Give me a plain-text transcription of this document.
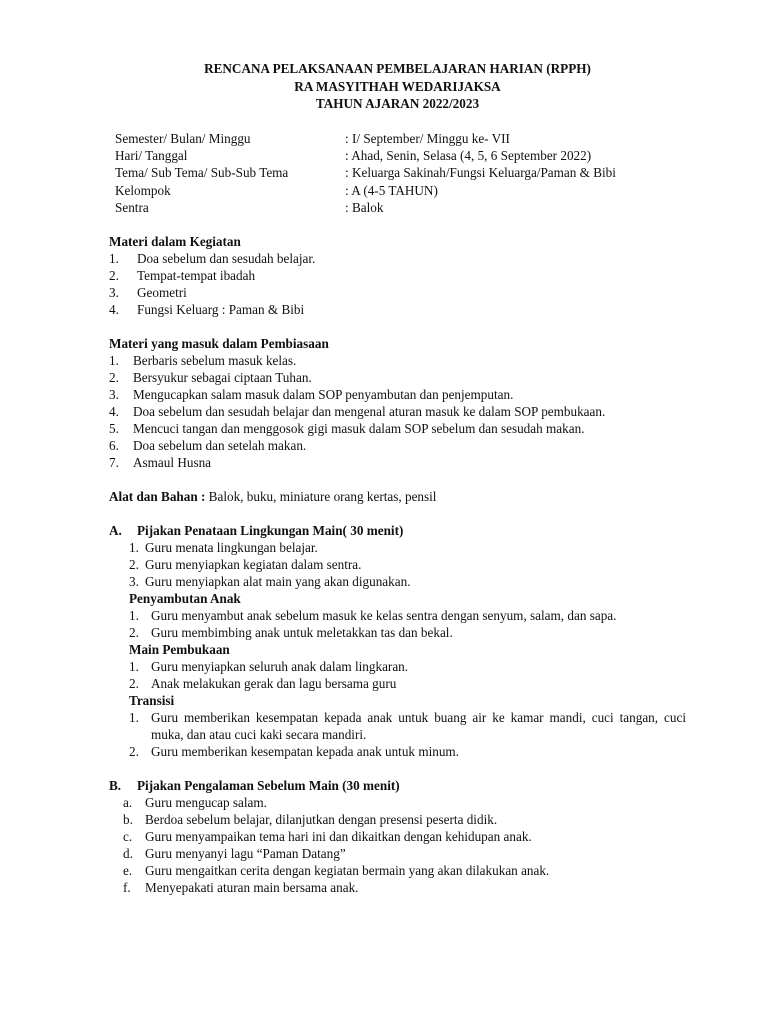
RENCANA PELAKSANAAN PEMBELAJARAN HARIAN (RPPH)
RA MASYITHAH WEDARIJAKSA
TAHUN AJARAN 2022/2023
Semester/ Bulan/ Minggu	: I/ September/ Minggu ke- VII
Hari/ Tanggal	: Ahad, Senin, Selasa (4, 5, 6 September 2022)
Tema/ Sub Tema/ Sub-Sub Tema	: Keluarga Sakinah/Fungsi Keluarga/Paman & Bibi
Kelompok	: A (4-5 TAHUN)
Sentra	: Balok
Materi dalam Kegiatan
1. Doa sebelum dan sesudah belajar.
2. Tempat-tempat ibadah
3. Geometri
4. Fungsi Keluarg : Paman & Bibi
Materi yang masuk dalam Pembiasaan
1. Berbaris sebelum masuk kelas.
2. Bersyukur sebagai ciptaan Tuhan.
3. Mengucapkan salam masuk dalam SOP penyambutan dan penjemputan.
4. Doa sebelum dan sesudah belajar dan mengenal aturan masuk ke dalam SOP pembukaan.
5. Mencuci tangan dan menggosok gigi masuk dalam SOP sebelum dan sesudah makan.
6. Doa sebelum dan setelah makan.
7. Asmaul Husna
Alat dan Bahan : Balok, buku, miniature orang kertas, pensil
A. Pijakan Penataan Lingkungan Main( 30 menit)
1. Guru menata lingkungan belajar.
2. Guru menyiapkan kegiatan dalam sentra.
3. Guru menyiapkan alat main yang akan digunakan.
Penyambutan Anak
1. Guru menyambut anak sebelum masuk ke kelas sentra dengan senyum, salam, dan sapa.
2. Guru membimbing anak untuk meletakkan tas dan bekal.
Main Pembukaan
1. Guru menyiapkan seluruh anak dalam lingkaran.
2. Anak melakukan gerak dan lagu bersama guru
Transisi
1. Guru memberikan kesempatan kepada anak untuk buang air ke kamar mandi, cuci tangan, cuci muka, dan atau cuci kaki secara mandiri.
2. Guru memberikan kesempatan kepada anak untuk minum.
B. Pijakan Pengalaman Sebelum Main (30 menit)
a. Guru mengucap salam.
b. Berdoa sebelum belajar, dilanjutkan dengan presensi peserta didik.
c. Guru menyampaikan tema hari ini dan dikaitkan dengan kehidupan anak.
d. Guru menyanyi lagu “Paman Datang”
e. Guru mengaitkan cerita dengan kegiatan bermain yang akan dilakukan anak.
f. Menyepakati aturan main bersama anak.
